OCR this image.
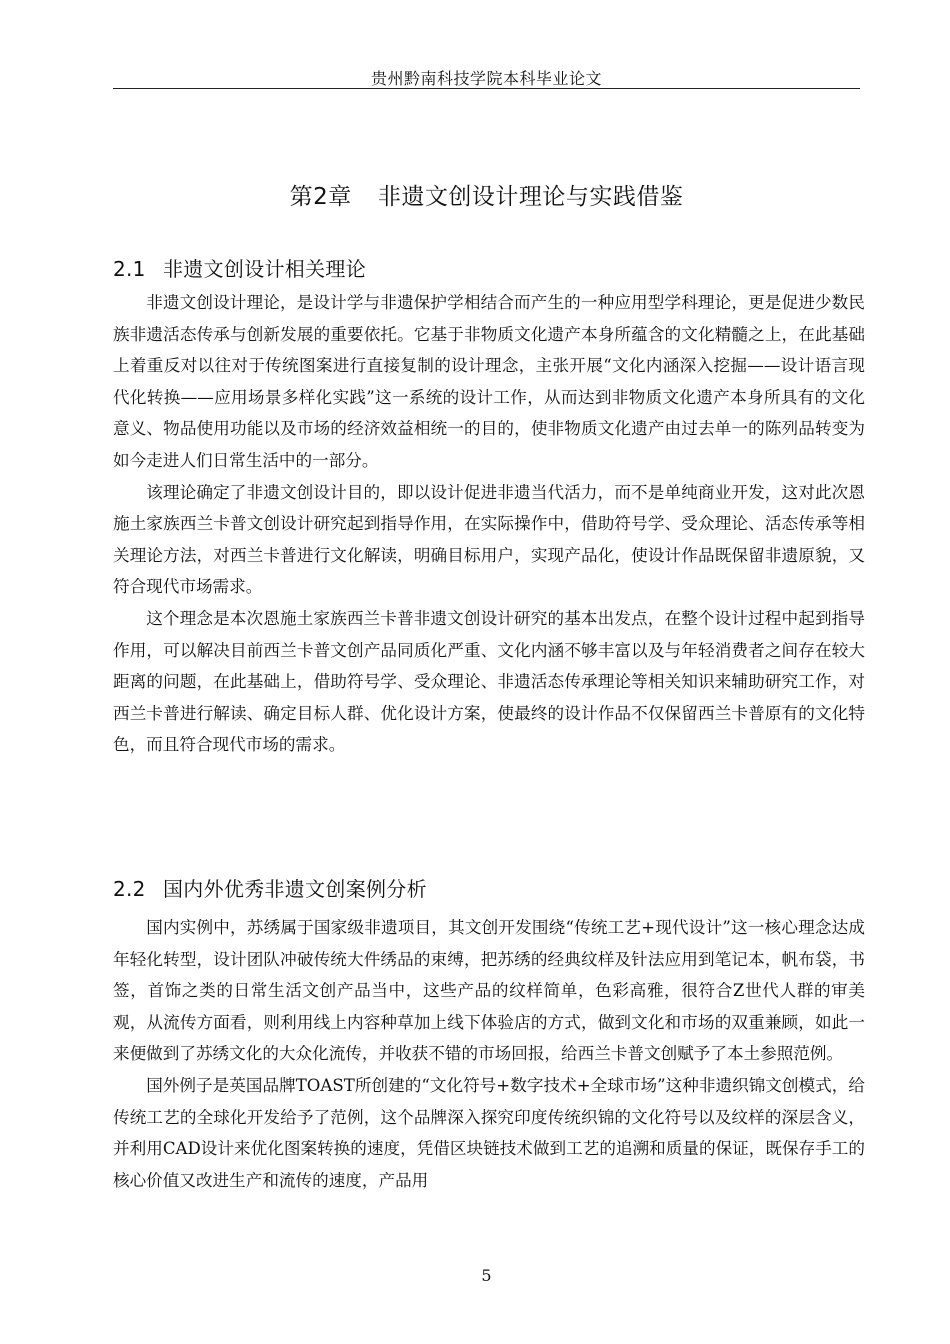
贵州黔南科技学院本科毕业论文
第2章 非遗文创设计理论与实践借鉴
2.1 非遗文创设计相关理论

非遗文创设计理论，是设计学与非遗保护学相结合而产生的一种应用型学科理论，更是促进少数民族非遗活态传承与创新发展的重要依托。它基于非物质文化遗产本身所蕴含的文化精髓之上，在此基础上着重反对以往对于传统图案进行直接复制的设计理念，主张开展“文化内涵深入挖掘——设计语言现代化转换——应用场景多样化实践”这一系统的设计工作，从而达到非物质文化遗产本身所具有的文化意义、物品使用功能以及市场的经济效益相统一的目的，使非物质文化遗产由过去单一的陈列品转变为如今走进人们日常生活中的一部分。

该理论确定了非遗文创设计目的，即以设计促进非遗当代活力，而不是单纯商业开发，这对此次恩施土家族西兰卡普文创设计研究起到指导作用，在实际操作中，借助符号学、受众理论、活态传承等相关理论方法，对西兰卡普进行文化解读，明确目标用户，实现产品化，使设计作品既保留非遗原貌，又符合现代市场需求。

这个理念是本次恩施土家族西兰卡普非遗文创设计研究的基本出发点，在整个设计过程中起到指导作用，可以解决目前西兰卡普文创产品同质化严重、文化内涵不够丰富以及与年轻消费者之间存在较大距离的问题，在此基础上，借助符号学、受众理论、非遗活态传承理论等相关知识来辅助研究工作，对西兰卡普进行解读、确定目标人群、优化设计方案，使最终的设计作品不仅保留西兰卡普原有的文化特色，而且符合现代市场的需求。

2.2 国内外优秀非遗文创案例分析

国内实例中，苏绣属于国家级非遗项目，其文创开发围绕“传统工艺+现代设计”这一核心理念达成年轻化转型，设计团队冲破传统大件绣品的束缚，把苏绣的经典纹样及针法应用到笔记本，帆布袋，书签，首饰之类的日常生活文创产品当中，这些产品的纹样简单，色彩高雅，很符合Z世代人群的审美观，从流传方面看，则利用线上内容种草加上线下体验店的方式，做到文化和市场的双重兼顾，如此一来便做到了苏绣文化的大众化流传，并收获不错的市场回报，给西兰卡普文创赋予了本土参照范例。

国外例子是英国品牌TOAST所创建的“文化符号+数字技术+全球市场”这种非遗织锦文创模式，给传统工艺的全球化开发给予了范例，这个品牌深入探究印度传统织锦的文化符号以及纹样的深层含义，并利用CAD设计来优化图案转换的速度，凭借区块链技术做到工艺的追溯和质量的保证，既保存手工的核心价值又改进生产和流传的速度，产品用

5
